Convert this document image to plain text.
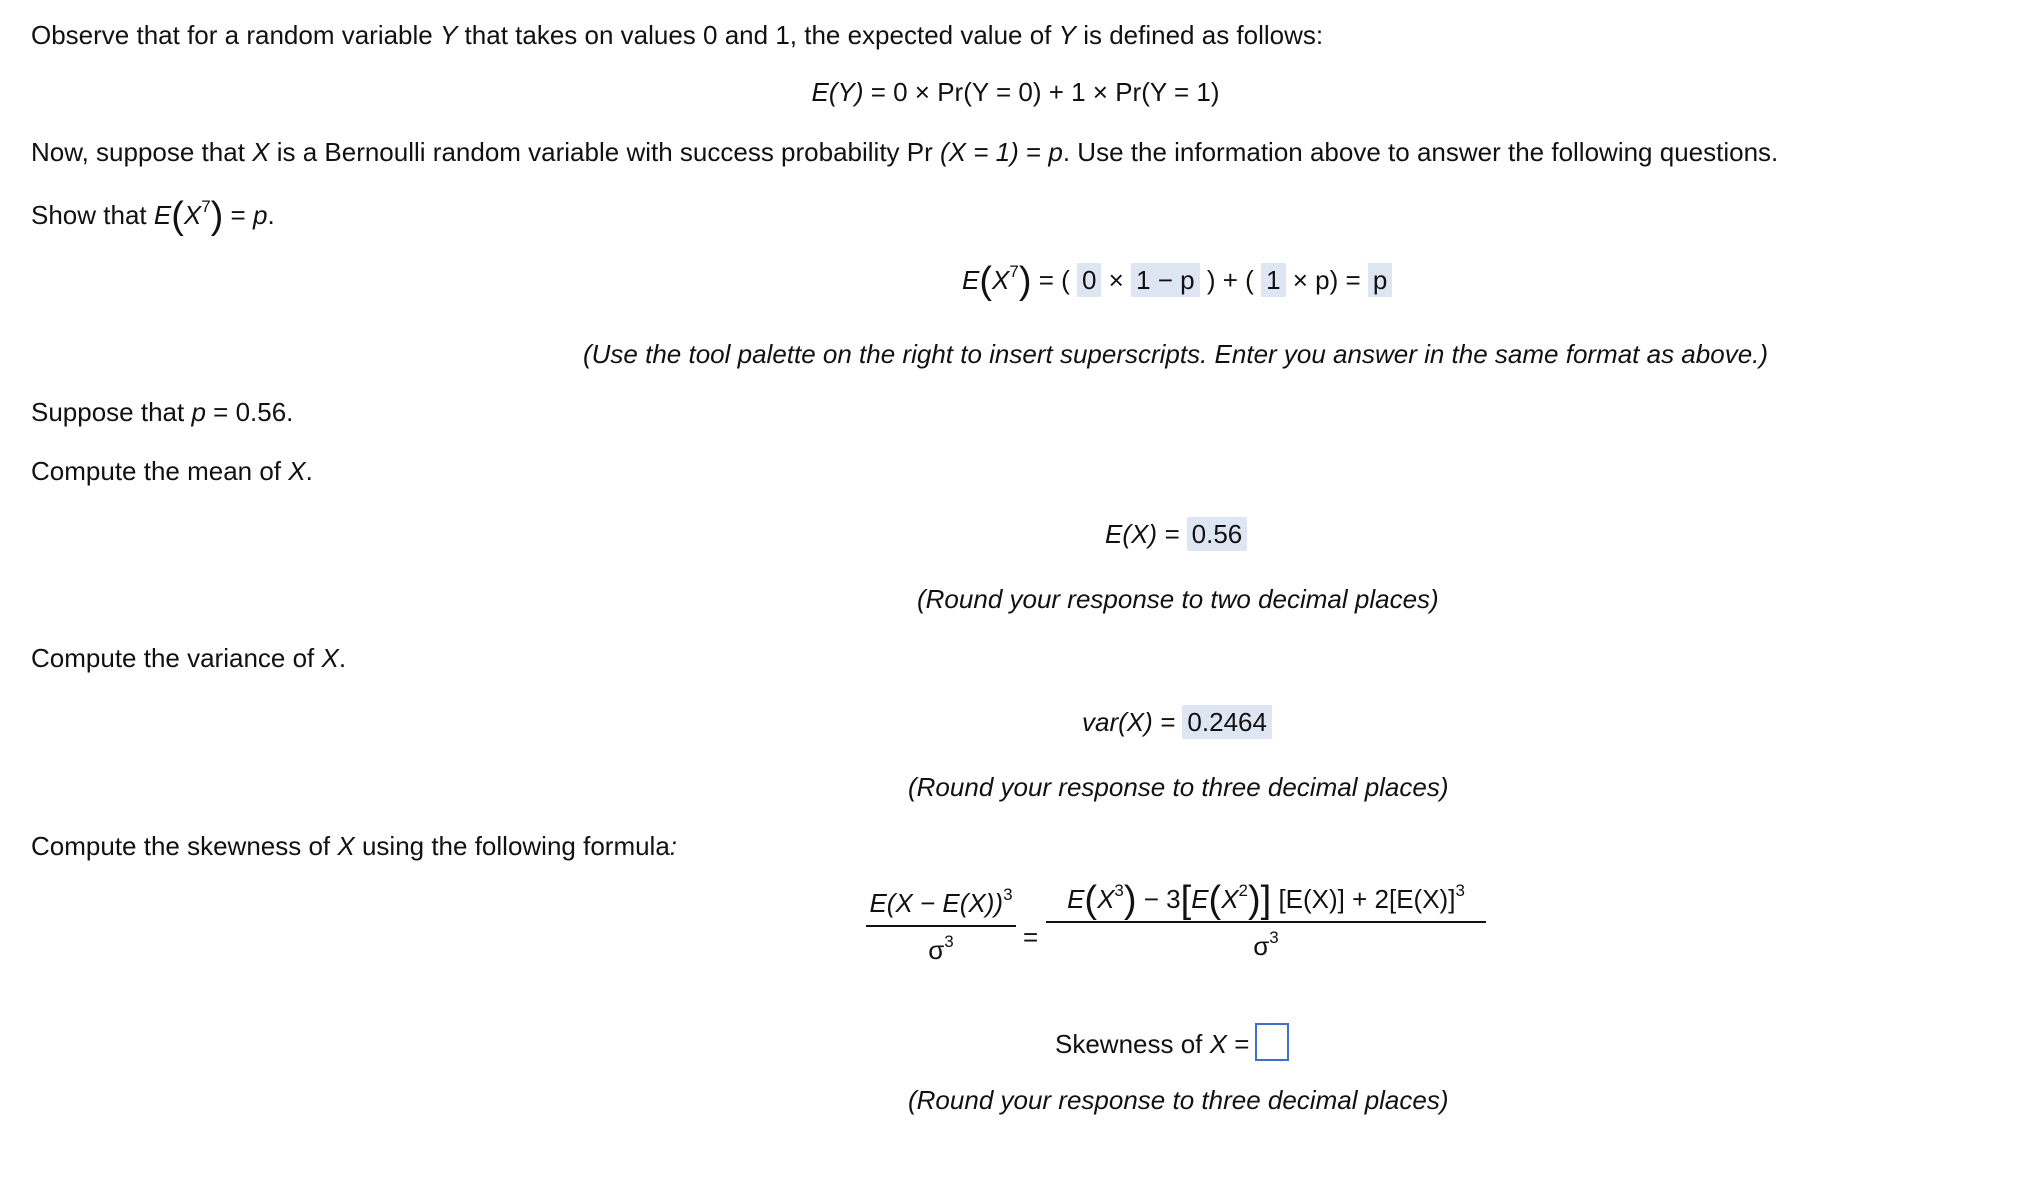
Observe that for a random variable Y that takes on values 0 and 1, the expected value of Y is defined as follows:
E(Y) = 0 × Pr(Y = 0) + 1 × Pr(Y = 1)
Now, suppose that X is a Bernoulli random variable with success probability Pr (X = 1) = p. Use the information above to answer the following questions.
Show that $E(X^7) = p$.
$E(X^7)$ = ( 0 × 1 − p ) + ( 1 × p) = p
(Use the tool palette on the right to insert superscripts. Enter you answer in the same format as above.)
Suppose that p = 0.56.
Compute the mean of X.
E(X) = 0.56
(Round your response to two decimal places)
Compute the variance of X.
var(X) = 0.2464
(Round your response to three decimal places)
Compute the skewness of X using the following formula:
$E(X - E(X))^3$
$\sigma^3$	=
$E(X^3) - 3[E(X^2)] [E(X)] + 2[E(X)]^3$
$\sigma^3$
Skewness of X =
(Round your response to three decimal places)
